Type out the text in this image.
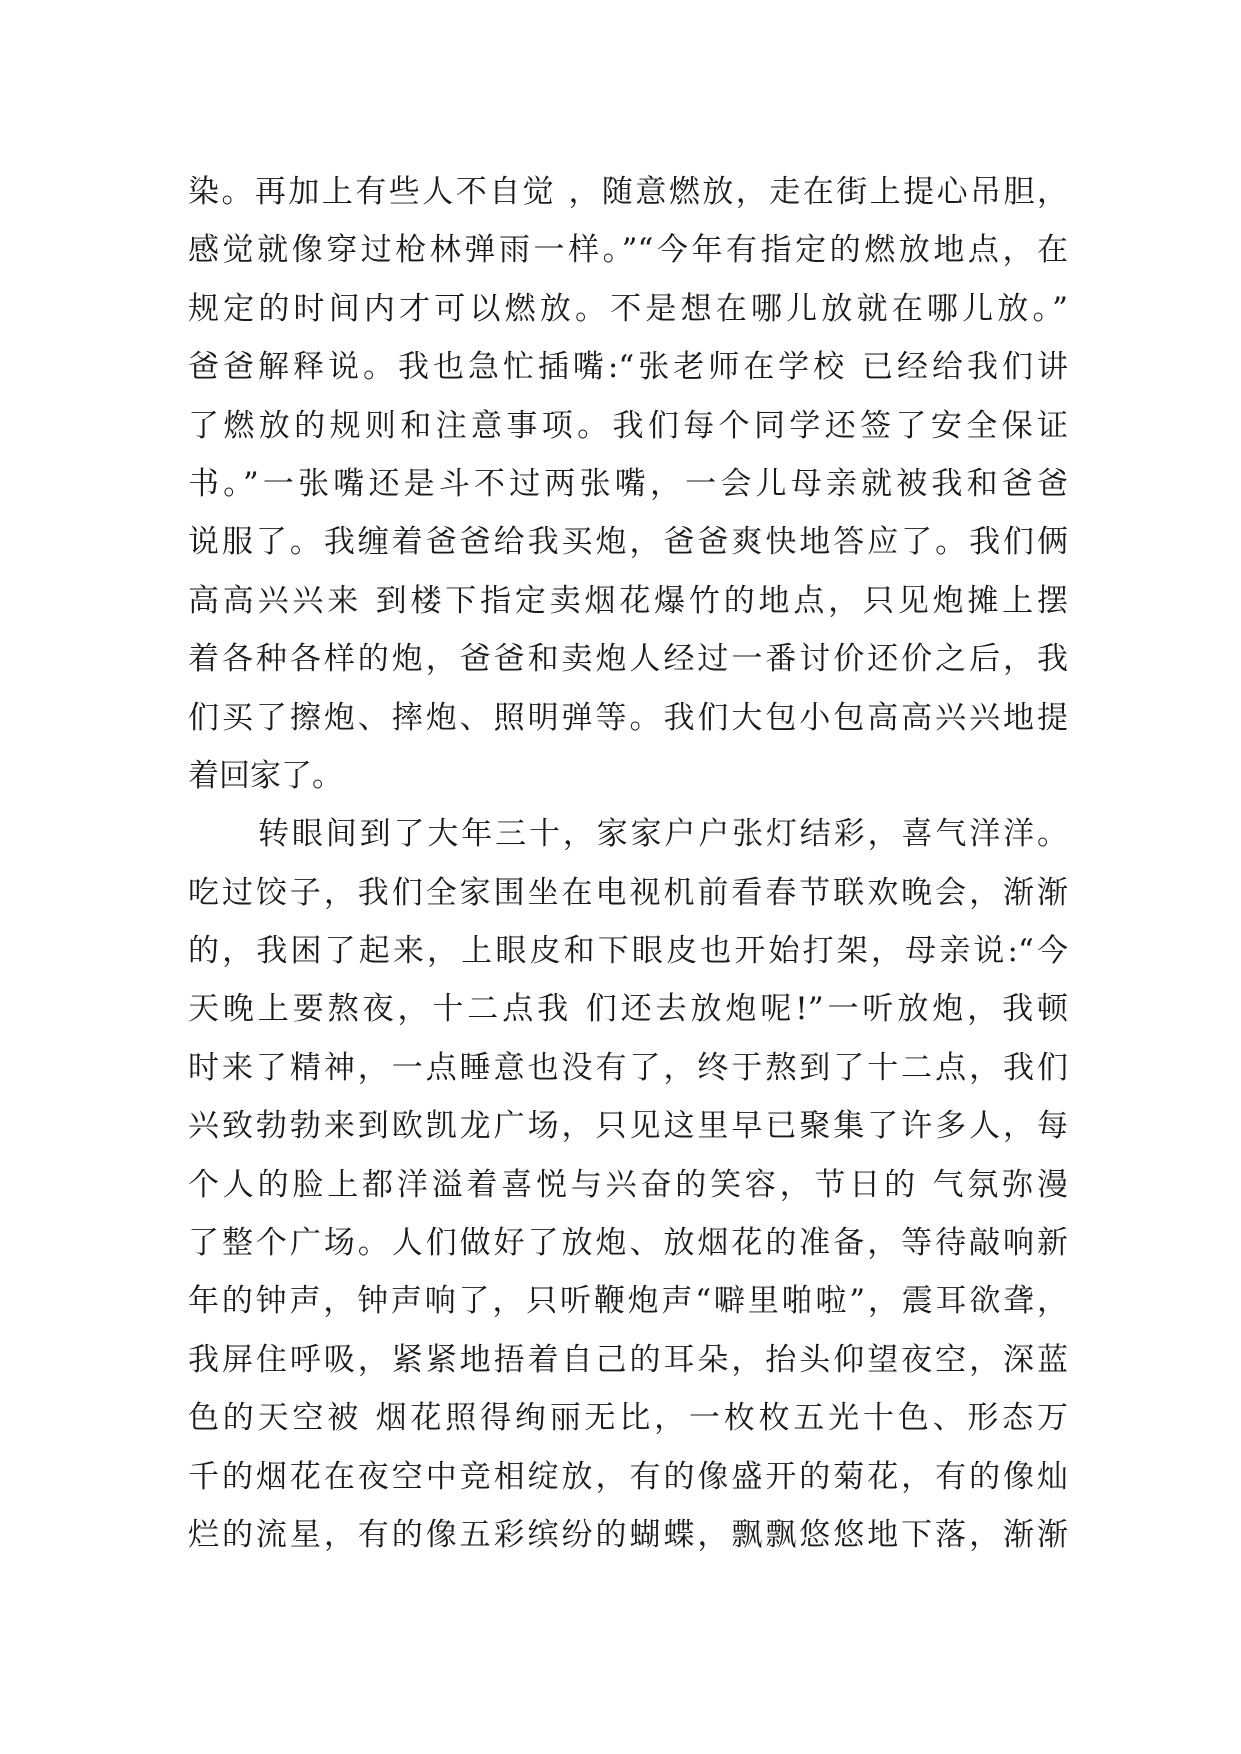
染。再加上有些人不自觉 ，随意燃放，走在街上提心吊胆，
感觉就像穿过枪林弹雨一样。”“今年有指定的燃放地点，在
规定的时间内才可以燃放。不是想在哪儿放就在哪儿放。”
爸爸解释说。我也急忙插嘴:“张老师在学校 已经给我们讲
了燃放的规则和注意事项。我们每个同学还签了安全保证
书。”一张嘴还是斗不过两张嘴，一会儿母亲就被我和爸爸
说服了。我缠着爸爸给我买炮，爸爸爽快地答应了。我们俩
高高兴兴来 到楼下指定卖烟花爆竹的地点，只见炮摊上摆
着各种各样的炮，爸爸和卖炮人经过一番讨价还价之后，我
们买了擦炮、摔炮、照明弹等。我们大包小包高高兴兴地提
着回家了。
转眼间到了大年三十，家家户户张灯结彩，喜气洋洋。
吃过饺子，我们全家围坐在电视机前看春节联欢晚会，渐渐
的，我困了起来，上眼皮和下眼皮也开始打架，母亲说:“今
天晚上要熬夜，十二点我 们还去放炮呢!”一听放炮，我顿
时来了精神，一点睡意也没有了，终于熬到了十二点，我们
兴致勃勃来到欧凯龙广场，只见这里早已聚集了许多人，每
个人的脸上都洋溢着喜悦与兴奋的笑容，节日的 气氛弥漫
了整个广场。人们做好了放炮、放烟花的准备，等待敲响新
年的钟声，钟声响了，只听鞭炮声“噼里啪啦”，震耳欲聋，
我屏住呼吸，紧紧地捂着自己的耳朵，抬头仰望夜空，深蓝
色的天空被 烟花照得绚丽无比，一枚枚五光十色、形态万
千的烟花在夜空中竞相绽放，有的像盛开的菊花，有的像灿
烂的流星，有的像五彩缤纷的蝴蝶，飘飘悠悠地下落，渐渐
